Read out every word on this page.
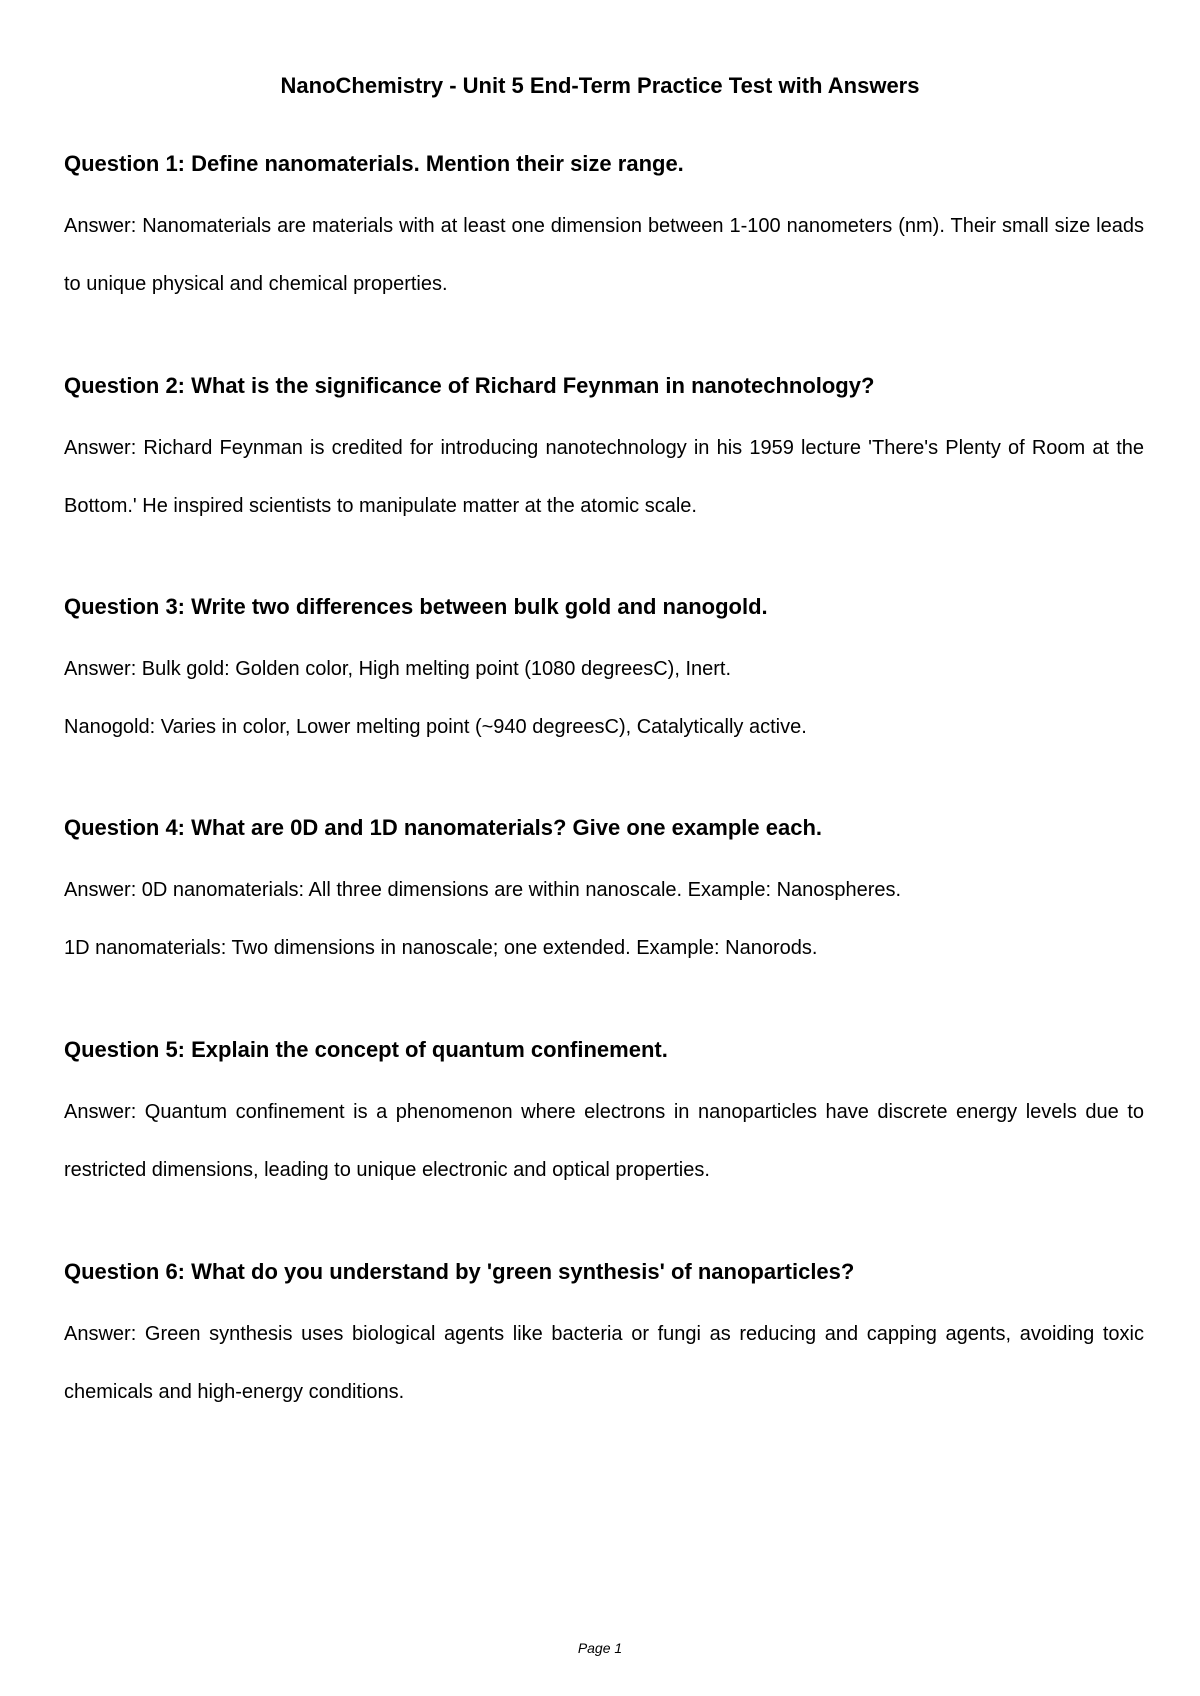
NanoChemistry - Unit 5 End-Term Practice Test with Answers

Question 1: Define nanomaterials. Mention their size range.

Answer: Nanomaterials are materials with at least one dimension between 1-100 nanometers (nm). Their small size leads to unique physical and chemical properties.

Question 2: What is the significance of Richard Feynman in nanotechnology?

Answer: Richard Feynman is credited for introducing nanotechnology in his 1959 lecture 'There's Plenty of Room at the Bottom.' He inspired scientists to manipulate matter at the atomic scale.

Question 3: Write two differences between bulk gold and nanogold.

Answer: Bulk gold: Golden color, High melting point (1080 degreesC), Inert.
Nanogold: Varies in color, Lower melting point (~940 degreesC), Catalytically active.

Question 4: What are 0D and 1D nanomaterials? Give one example each.

Answer: 0D nanomaterials: All three dimensions are within nanoscale. Example: Nanospheres.
1D nanomaterials: Two dimensions in nanoscale; one extended. Example: Nanorods.

Question 5: Explain the concept of quantum confinement.

Answer: Quantum confinement is a phenomenon where electrons in nanoparticles have discrete energy levels due to restricted dimensions, leading to unique electronic and optical properties.

Question 6: What do you understand by 'green synthesis' of nanoparticles?

Answer: Green synthesis uses biological agents like bacteria or fungi as reducing and capping agents, avoiding toxic chemicals and high-energy conditions.

Page 1
